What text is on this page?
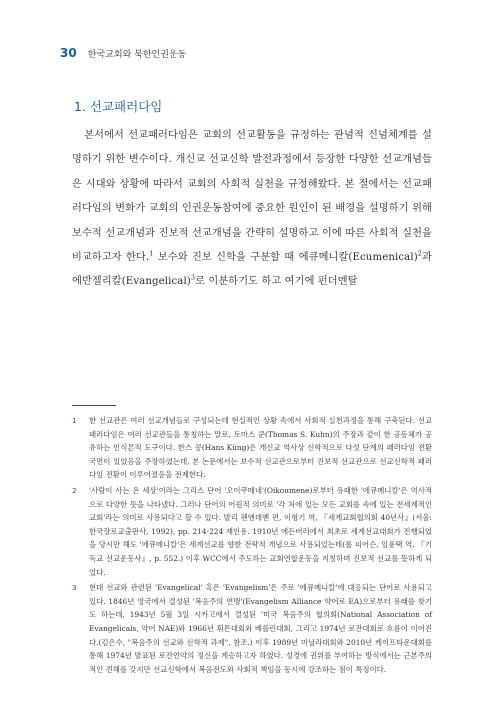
30 한국교회와 북한인권운동
1. 선교패러다임

본서에서 선교패러다임은 교회의 선교활동을 규정하는 관념적 신념체계를 설명하기 위한 변수이다. 개신교 선교신학 발전과정에서 등장한 다양한 선교개념들은 시대와 상황에 따라서 교회의 사회적 실천을 규정해왔다. 본 절에서는 선교패러다임의 변화가 교회의 인권운동참여에 중요한 원인이 된 배경을 설명하기 위해 보수적 선교개념과 진보적 선교개념을 간략히 설명하고 이에 따른 사회적 실천을 비교하고자 한다.$^1$ 보수와 진보 신학을 구분할 때 에큐메니칼(Ecumenical)$^2$과 에반젤리칼(Evangelical)$^3$로 이분하기도 하고 여기에 펀더멘탈

1 한 선교관은 여러 선교개념들로 구성되는데 현실적인 상황 속에서 사회적 실천과정을 통해 구축된다. 선교패러다임은 여러 선교관들을 통칭하는 말로, 토마스 쿤(Thomas S. Kuhn)의 주장과 같이 한 공동체가 공유하는 인식론적 도구이다. 한스 콩(Hans Küng)은 개신교 역사상 신학적으로 다섯 단계의 패러다임 전환국면이 있었음을 주장하였는데, 본 논문에서는 보수적 선교관으로부터 진보적 선교관으로 선교신학적 패러다임 전환이 이루어졌음을 전제한다.

2 '사람이 사는 온 세상'이라는 그리스 단어 '오이쿠메네'(Oikoumene)로부터 유래한 '에큐메니칼'은 역사적으로 다양한 뜻을 나타냈다. 그러나 단어의 어원적 의미로 '각 처에 있는 모든 교회를 속에 있는 전세계적인교회'라는 의미로 사용되다고 할 수 있다. 발리 펜엔데옌 편, 이형기 역, 『세계교회협의회 40년사』(서울: 한국장로교출판사, 1992), pp. 214-224 재인용. 1910년 에든버러에서 최초로 세계선교대회가 진행되었을 당시만 해도 '에큐메니칼'은 세계선교를 향한 전략적 개념으로 사용되었는데(롤 피어슨, 임윤택 역, 『기독교 선교운동사』, p. 552.) 이후 WCC에서 주도하는 교회연합운동을 지칭하며 진보적 선교를 뜻하게 되었다.

3 현대 선교와 관련된 'Evangelical' 혹은 'Evangelism'은 주로 '에큐메니칼'에 대응되는 단어로 사용되고 있다. 1846년 영국에서 결성된 '복음주의 연맹'(Evangelism Alliance 약어로 EA)으로부터 유래를 찾기도 하는데, 1943년 5월 3일 시카고에서 결성된 '미국 복음주의 협의회(National Association of Evangelicals, 약어 NAE)와 1966년 휘튼대회와 베를린대회, 그리고 1974년 로잔대회로 흐름이 이어진다.(김은수, "복음주의 선교와 신학적 과제", 참조.) 이후 1989년 마닐라대회와 2010년 케이프타운대회를 통해 1974년 발표된 로잔언약의 정신을 계승하고자 하였다. 성경에 권위를 부여하는 방식에서는 근본주의적인 견해를 갖지만 선교신학에서 복음전도와 사회적 책임을 동시에 강조하는 점이 특징이다.
